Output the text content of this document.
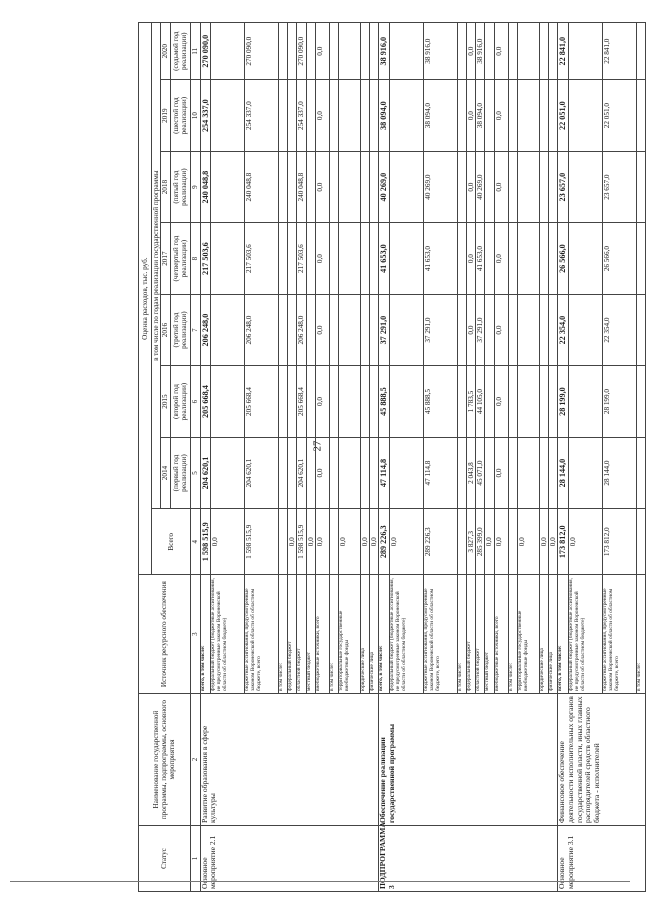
27
Статус	Наименование государственной программы, подпрограммы, основного мероприятия	Источник ресурсного обеспечения	Оценка расходов, тыс. руб.							
			Всего	в том числе по годам реализации государственной программы						
				2014	2015	2016	2017	2018	2019	2020
				(первый год реализации)	(второй год реализации)	(третий год реализации)	(четвертый год реализации)	(пятый год реализации)	(шестой год реализации)	(седьмой год реализации)
1	2	3	4	5	6	7	8	9	10	11
Основное мероприятие 2.1	Развитие образования в сфере культуры	всего, в том числе:	1 598 515,9	204 620,1	205 668,4	206 248,0	217 503,6	240 048,8	254 337,0	270 090,0
		федеральный бюджет (бюджетные ассигнования, не предусмотренные законом Воронежской области об областном бюджете)	0,0							
		бюджетные ассигнования, предусмотренные законом Воронежской области об областном бюджете, всего	1 598 515,9	204 620,1	205 668,4	206 248,0	217 503,6	240 048,8	254 337,0	270 090,0
		в том числе:								
		федеральный бюджет	0,0							
		областной бюджет	1 598 515,9	204 620,1	205 668,4	206 248,0	217 503,6	240 048,8	254 337,0	270 090,0
		местный бюджет	0,0							
		внебюджетные источники, всего	0,0	0,0	0,0	0,0	0,0	0,0	0,0	0,0
		в том числе:								
		территориальные государственные внебюджетные фонды	0,0							
		юридические лица	0,0							
		физические лица	0,0							
ПОДПРОГРАММА 3	Обеспечение реализации государственной программы	всего, в том числе:	289 226,3	47 114,8	45 888,5	37 291,0	41 653,0	40 269,0	38 094,0	38 916,0
		федеральный бюджет (бюджетные ассигнования, не предусмотренные законом Воронежской области об областном бюджете)	0,0							
		бюджетные ассигнования, предусмотренные законом Воронежской области об областном бюджете, всего	289 226,3	47 114,8	45 888,5	37 291,0	41 653,0	40 269,0	38 094,0	38 916,0
		в том числе:								
		федеральный бюджет	3 827,3	2 043,8	1 783,5	0,0	0,0	0,0	0,0	0,0
		областной бюджет	285 399,0	45 071,0	44 105,0	37 291,0	41 653,0	40 269,0	38 094,0	38 916,0
		местный бюджет	0,0							
		внебюджетные источники, всего	0,0	0,0	0,0	0,0	0,0	0,0	0,0	0,0
		в том числе:								
		территориальные государственные внебюджетные фонды	0,0							
		юридические лица	0,0							
		физические лица	0,0							
Основное мероприятие 3.1	Финансовое обеспечение деятельности исполнительных органов государственной власти, иных главных распорядителей средств областного бюджета - исполнителей	всего, в том числе:	173 812,0	28 144,0	28 199,0	22 354,0	26 566,0	23 657,0	22 051,0	22 841,0
		федеральный бюджет (бюджетные ассигнования, не предусмотренные законом Воронежской области об областном бюджете)	0,0							
		бюджетные ассигнования, предусмотренные законом Воронежской области об областном бюджете, всего	173 812,0	28 144,0	28 199,0	22 354,0	26 566,0	23 657,0	22 051,0	22 841,0
		в том числе:								
